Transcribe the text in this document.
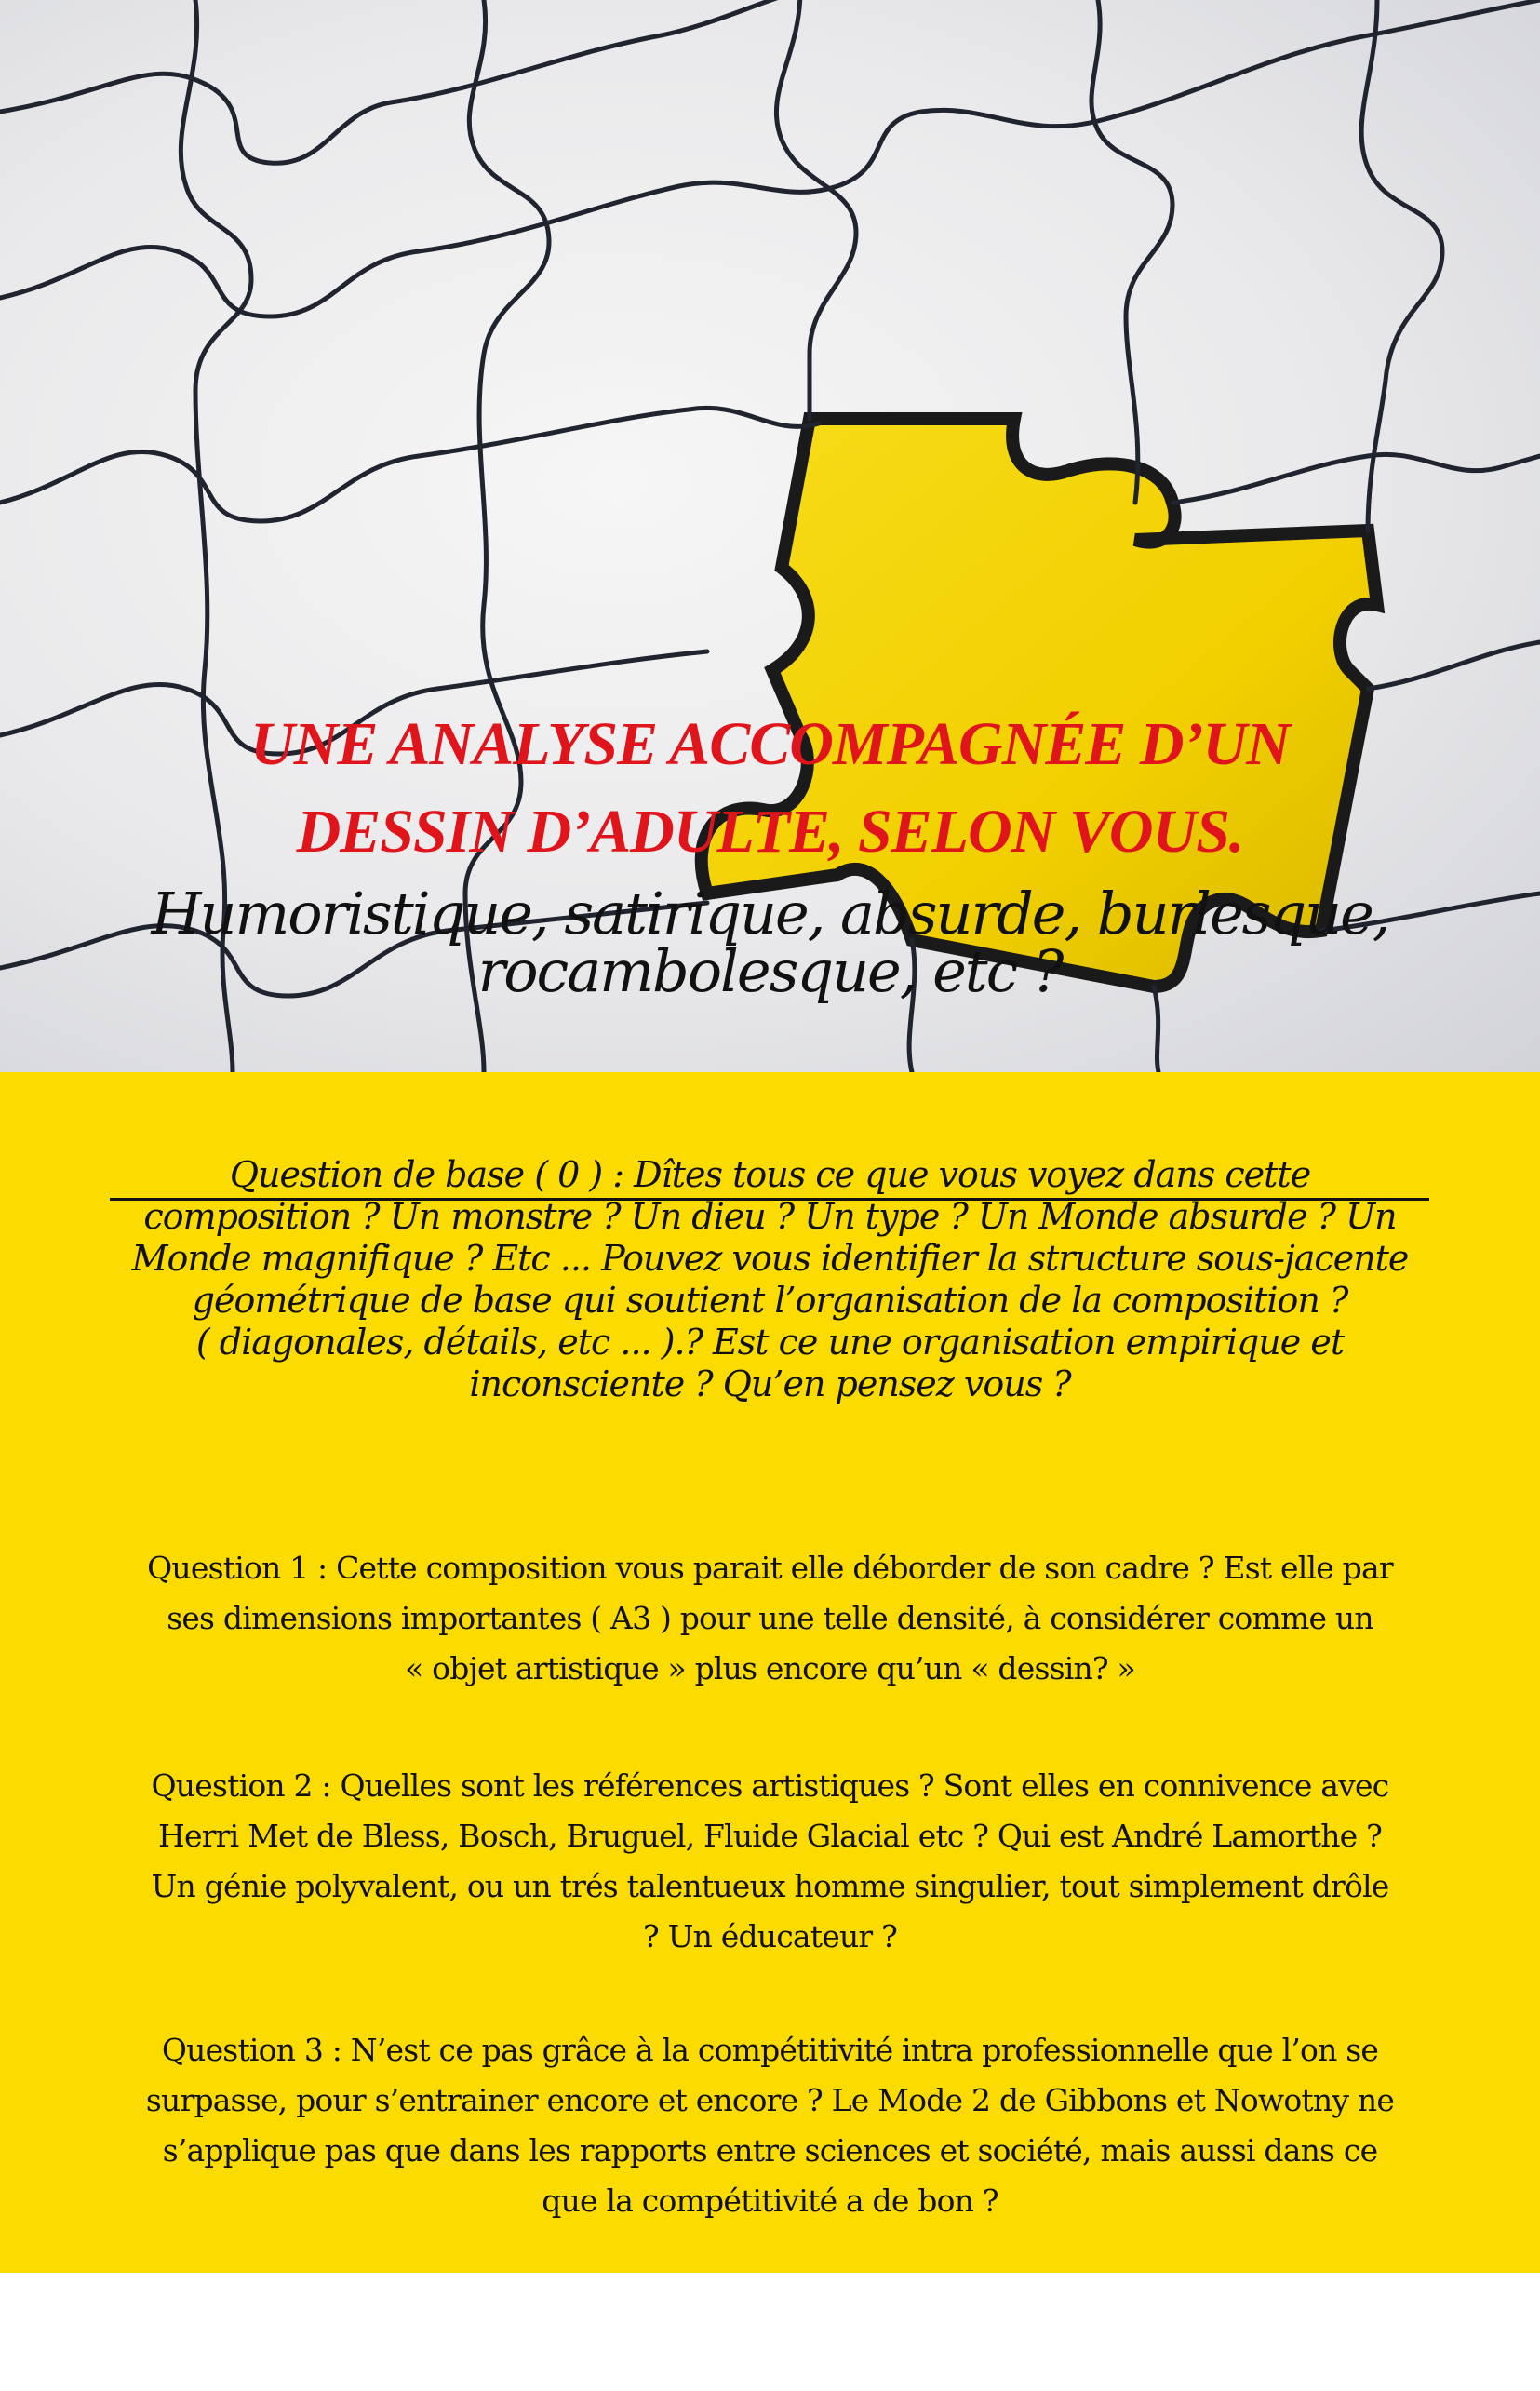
UNE ANALYSE ACCOMPAGNÉE D’UN
DESSIN D’ADULTE, SELON VOUS.
Humoristique, satirique, absurde, burlesque,
rocambolesque, etc ?
Question de base ( 0 ) : Dîtes tous ce que vous voyez dans cette
composition ? Un monstre ? Un dieu ? Un type ? Un Monde absurde ? Un
Monde magnifique ? Etc ... Pouvez vous identifier la structure sous-jacente
géométrique de base qui soutient l’organisation de la composition ?
( diagonales, détails, etc ... ).? Est ce une organisation empirique et
inconsciente ? Qu’en pensez vous ?
Question 1 : Cette composition vous parait elle déborder de son cadre ? Est elle par
ses dimensions importantes ( A3 ) pour une telle densité, à considérer comme un
« objet artistique » plus encore qu’un « dessin? »
Question 2 : Quelles sont les références artistiques ? Sont elles en connivence avec
Herri Met de Bless, Bosch, Bruguel, Fluide Glacial etc ? Qui est André Lamorthe ?
Un génie polyvalent, ou un trés talentueux homme singulier, tout simplement drôle
? Un éducateur ?
Question 3 : N’est ce pas grâce à la compétitivité intra professionnelle que l’on se
surpasse, pour s’entrainer encore et encore ? Le Mode 2 de Gibbons et Nowotny ne
s’applique pas que dans les rapports entre sciences et société, mais aussi dans ce
que la compétitivité a de bon ?
